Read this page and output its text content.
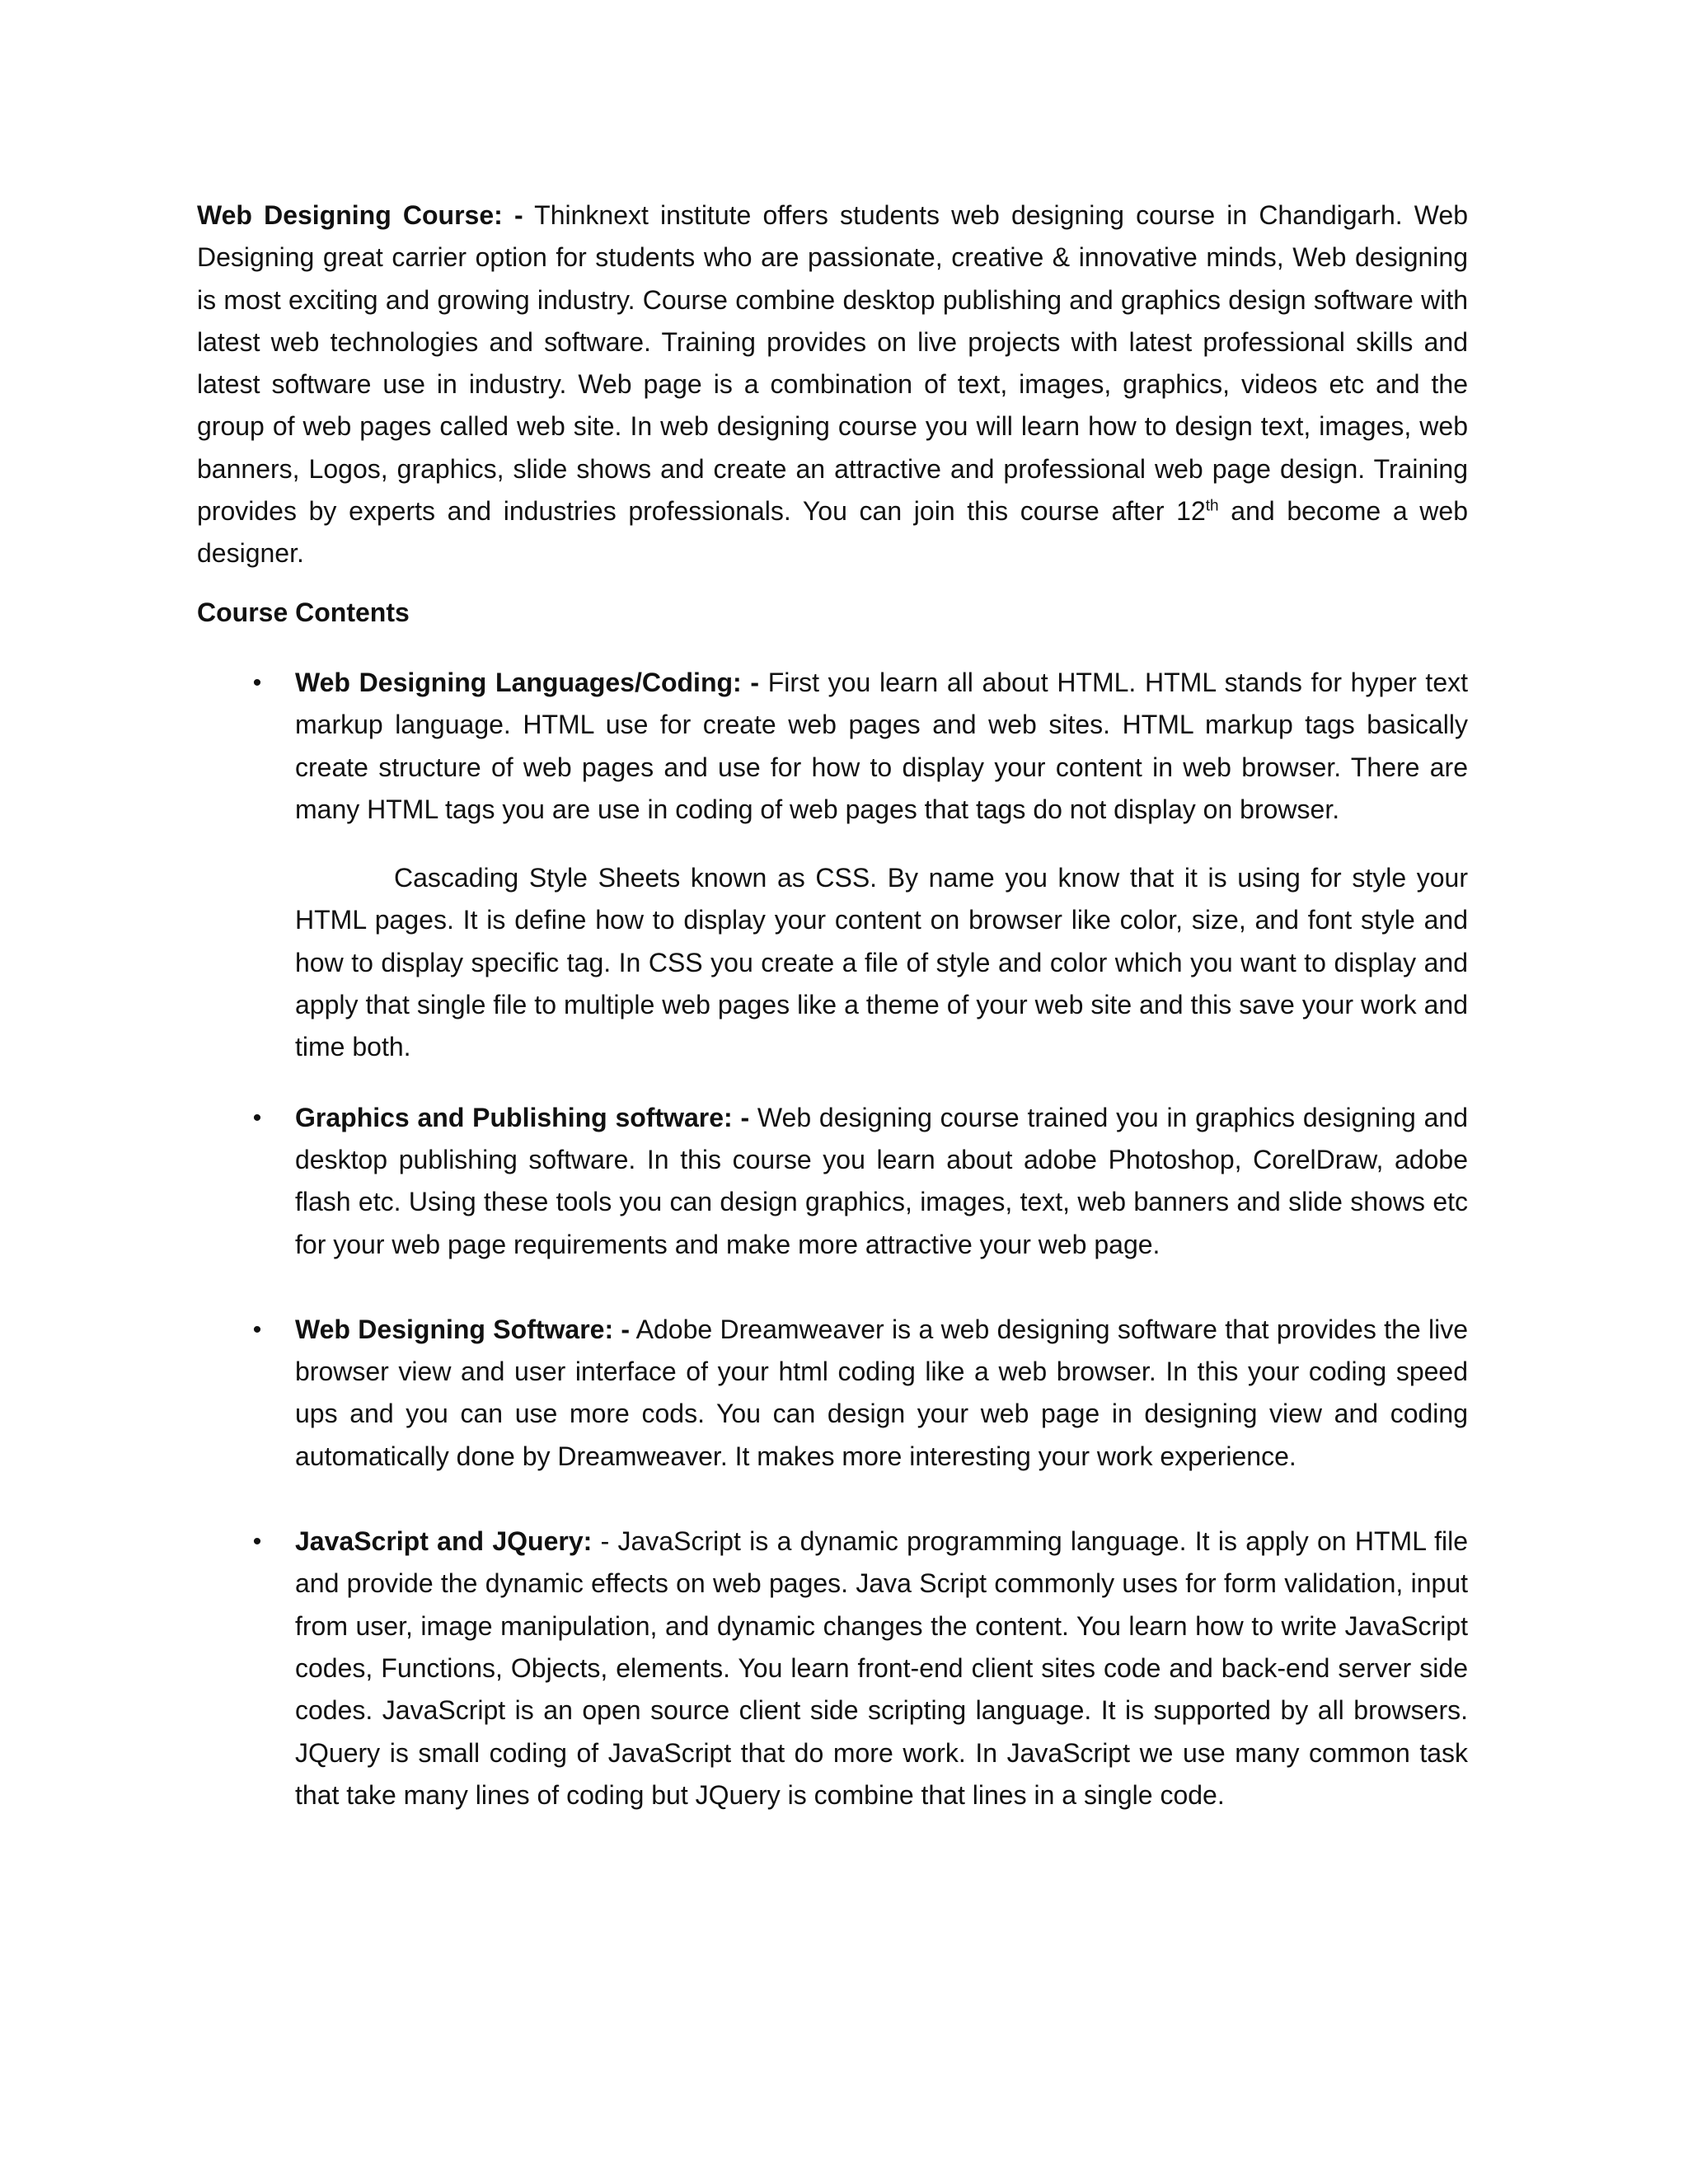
Web Designing Course: - Thinknext institute offers students web designing course in Chandigarh. Web Designing great carrier option for students who are passionate, creative & innovative minds, Web designing is most exciting and growing industry. Course combine desktop publishing and graphics design software with latest web technologies and software. Training provides on live projects with latest professional skills and latest software use in industry. Web page is a combination of text, images, graphics, videos etc and the group of web pages called web site. In web designing course you will learn how to design text, images, web banners, Logos, graphics, slide shows and create an attractive and professional web page design. Training provides by experts and industries professionals. You can join this course after 12th and become a web designer.

Course Contents

•	Web Designing Languages/Coding: - First you learn all about HTML. HTML stands for hyper text markup language. HTML use for create web pages and web sites. HTML markup tags basically create structure of web pages and use for how to display your content in web browser. There are many HTML tags you are use in coding of web pages that tags do not display on browser.

Cascading Style Sheets known as CSS. By name you know that it is using for style your HTML pages. It is define how to display your content on browser like color, size, and font style and how to display specific tag. In CSS you create a file of style and color which you want to display and apply that single file to multiple web pages like a theme of your web site and this save your work and time both.

•	Graphics and Publishing software: - Web designing course trained you in graphics designing and desktop publishing software. In this course you learn about adobe Photoshop, CorelDraw, adobe flash etc. Using these tools you can design graphics, images, text, web banners and slide shows etc for your web page requirements and make more attractive your web page.

•	Web Designing Software: - Adobe Dreamweaver is a web designing software that provides the live browser view and user interface of your html coding like a web browser. In this your coding speed ups and you can use more cods. You can design your web page in designing view and coding automatically done by Dreamweaver. It makes more interesting your work experience.

•	JavaScript and JQuery: - JavaScript is a dynamic programming language. It is apply on HTML file and provide the dynamic effects on web pages. Java Script commonly uses for form validation, input from user, image manipulation, and dynamic changes the content. You learn how to write JavaScript codes, Functions, Objects, elements. You learn front-end client sites code and back-end server side codes. JavaScript is an open source client side scripting language. It is supported by all browsers. JQuery is small coding of JavaScript that do more work. In JavaScript we use many common task that take many lines of coding but JQuery is combine that lines in a single code.
